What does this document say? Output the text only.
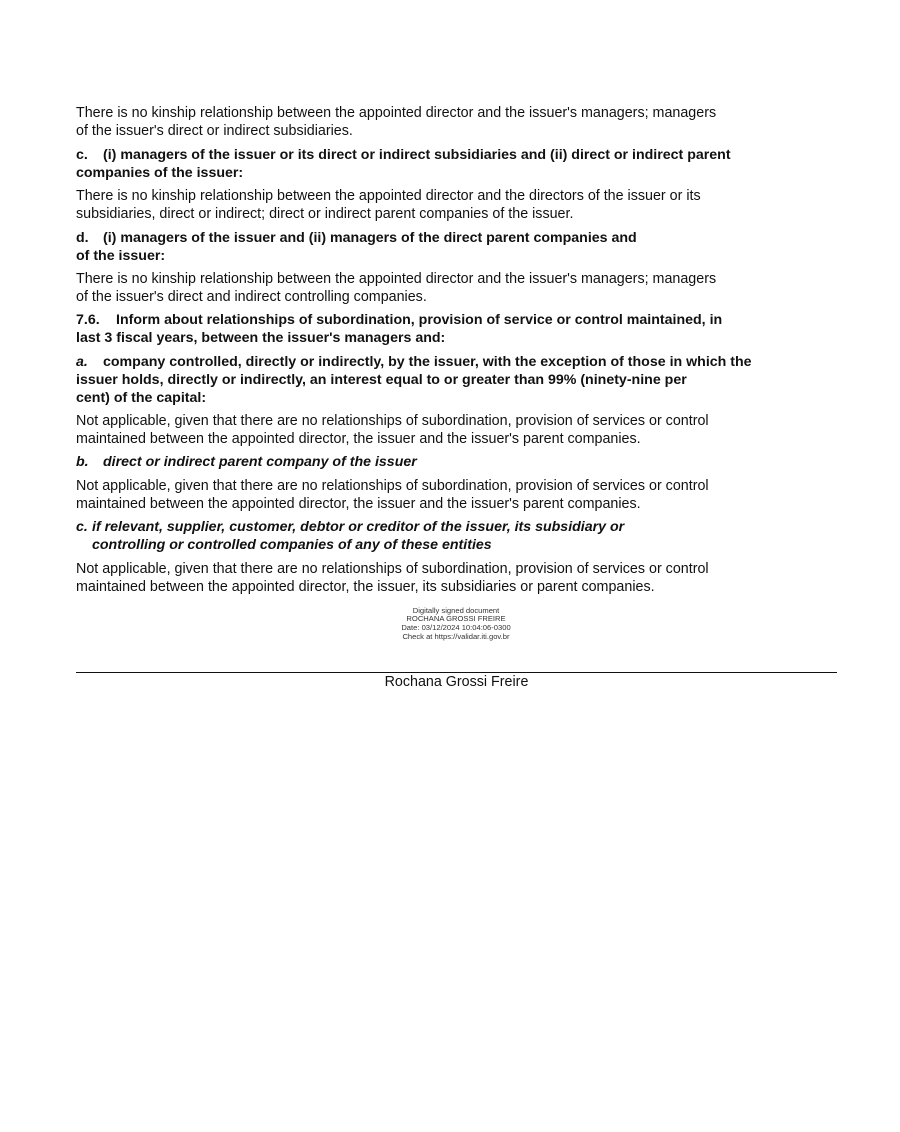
There is no kinship relationship between the appointed director and the issuer's managers; managers
of the issuer's direct or indirect subsidiaries.
c. (i) managers of the issuer or its direct or indirect subsidiaries and (ii) direct or indirect parent
companies of the issuer:
There is no kinship relationship between the appointed director and the directors of the issuer or its
subsidiaries, direct or indirect; direct or indirect parent companies of the issuer.
d. (i) managers of the issuer and (ii) managers of the direct parent companies and
of the issuer:
There is no kinship relationship between the appointed director and the issuer's managers; managers
of the issuer's direct and indirect controlling companies.
7.6. Inform about relationships of subordination, provision of service or control maintained, in
last 3 fiscal years, between the issuer's managers and:
a. company controlled, directly or indirectly, by the issuer, with the exception of those in which the
issuer holds, directly or indirectly, an interest equal to or greater than 99% (ninety-nine per
cent) of the capital:
Not applicable, given that there are no relationships of subordination, provision of services or control
maintained between the appointed director, the issuer and the issuer's parent companies.
b. direct or indirect parent company of the issuer
Not applicable, given that there are no relationships of subordination, provision of services or control
maintained between the appointed director, the issuer and the issuer's parent companies.
c. if relevant, supplier, customer, debtor or creditor of the issuer, its subsidiary or
controlling or controlled companies of any of these entities
Not applicable, given that there are no relationships of subordination, provision of services or control
maintained between the appointed director, the issuer, its subsidiaries or parent companies.
Digitally signed document
ROCHANA GROSSI FREIRE
Date: 03/12/2024 10:04:06-0300
Check at https://validar.iti.gov.br
Rochana Grossi Freire
